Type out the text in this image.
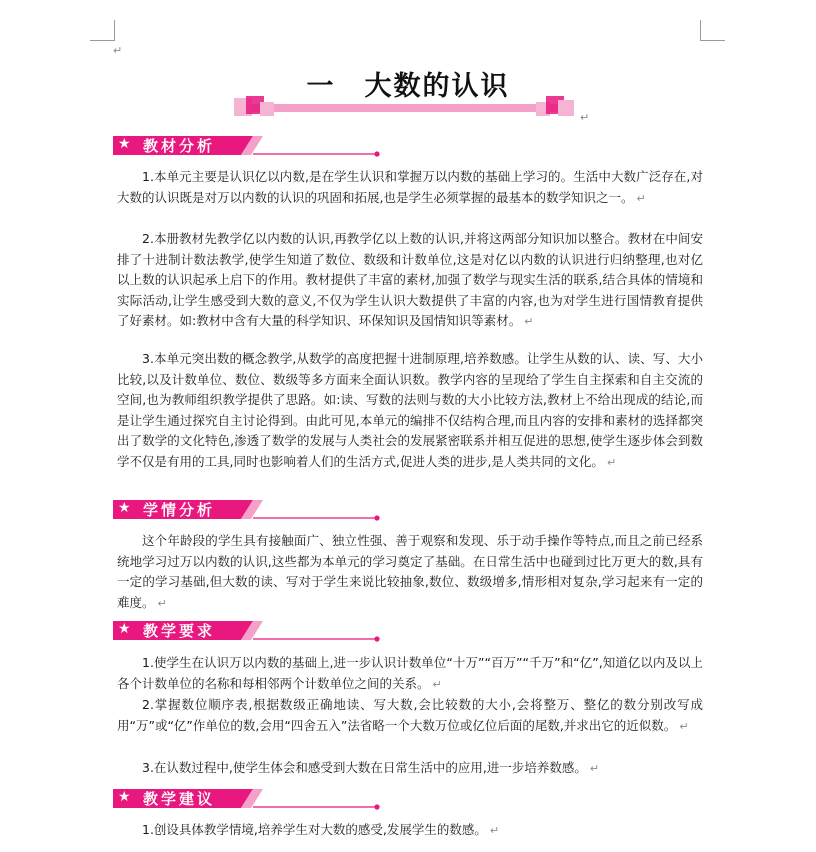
↵
一　大数的认识
↵
★ 教材分析

1.本单元主要是认识亿以内数,是在学生认识和掌握万以内数的基础上学习的。生活中大数广泛存在,对大数的认识既是对万以内数的认识的巩固和拓展,也是学生必须掌握的最基本的数学知识之一。 ↵

2.本册教材先教学亿以内数的认识,再教学亿以上数的认识,并将这两部分知识加以整合。教材在中间安排了十进制计数法教学,使学生知道了数位、数级和计数单位,这是对亿以内数的认识进行归纳整理,也对亿以上数的认识起承上启下的作用。教材提供了丰富的素材,加强了数学与现实生活的联系,结合具体的情境和实际活动,让学生感受到大数的意义,不仅为学生认识大数提供了丰富的内容,也为对学生进行国情教育提供了好素材。如:教材中含有大量的科学知识、环保知识及国情知识等素材。 ↵

3.本单元突出数的概念教学,从数学的高度把握十进制原理,培养数感。让学生从数的认、读、写、大小比较,以及计数单位、数位、数级等多方面来全面认识数。教学内容的呈现给了学生自主探索和自主交流的空间,也为教师组织教学提供了思路。如:读、写数的法则与数的大小比较方法,教材上不给出现成的结论,而是让学生通过探究自主讨论得到。由此可见,本单元的编排不仅结构合理,而且内容的安排和素材的选择都突出了数学的文化特色,渗透了数学的发展与人类社会的发展紧密联系并相互促进的思想,使学生逐步体会到数学不仅是有用的工具,同时也影响着人们的生活方式,促进人类的进步,是人类共同的文化。 ↵

★ 学情分析

这个年龄段的学生具有接触面广、独立性强、善于观察和发现、乐于动手操作等特点,而且之前已经系统地学习过万以内数的认识,这些都为本单元的学习奠定了基础。在日常生活中也碰到过比万更大的数,具有一定的学习基础,但大数的读、写对于学生来说比较抽象,数位、数级增多,情形相对复杂,学习起来有一定的难度。 ↵

★ 教学要求

1.使学生在认识万以内数的基础上,进一步认识计数单位“十万”“百万”“千万”和“亿”,知道亿以内及以上各个计数单位的名称和每相邻两个计数单位之间的关系。 ↵

2.掌握数位顺序表,根据数级正确地读、写大数,会比较数的大小,会将整万、整亿的数分别改写成用“万”或“亿”作单位的数,会用“四舍五入”法省略一个大数万位或亿位后面的尾数,并求出它的近似数。 ↵

3.在认数过程中,使学生体会和感受到大数在日常生活中的应用,进一步培养数感。 ↵

★ 教学建议

1.创设具体教学情境,培养学生对大数的感受,发展学生的数感。 ↵
